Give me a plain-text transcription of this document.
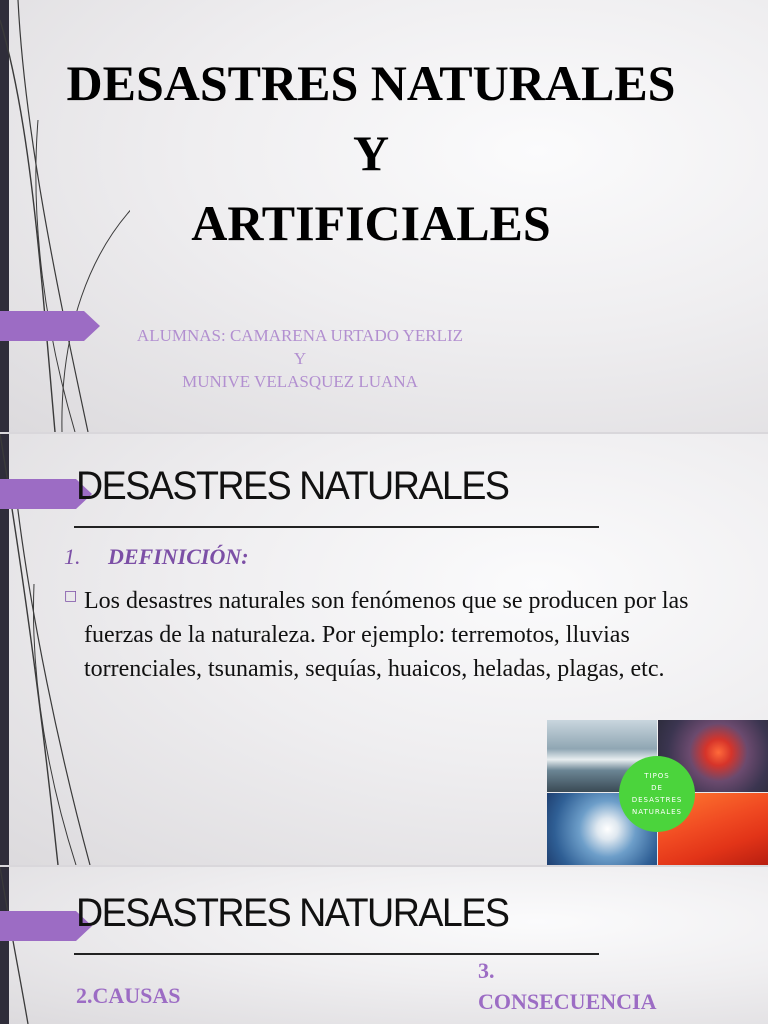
DESASTRES NATURALES
Y
ARTIFICIALES
ALUMNAS: CAMARENA URTADO YERLIZ
Y
MUNIVE VELASQUEZ LUANA
DESASTRES NATURALES
1. DEFINICIÓN:
□ Los desastres naturales son fenómenos que se producen por las fuerzas de la naturaleza. Por ejemplo: terremotos, lluvias torrenciales, tsunamis, sequías, huaicos, heladas, plagas, etc.
TIPOS
DE
DESASTRES
NATURALES
DESASTRES NATURALES
2.CAUSAS
3.
CONSECUENCIA
